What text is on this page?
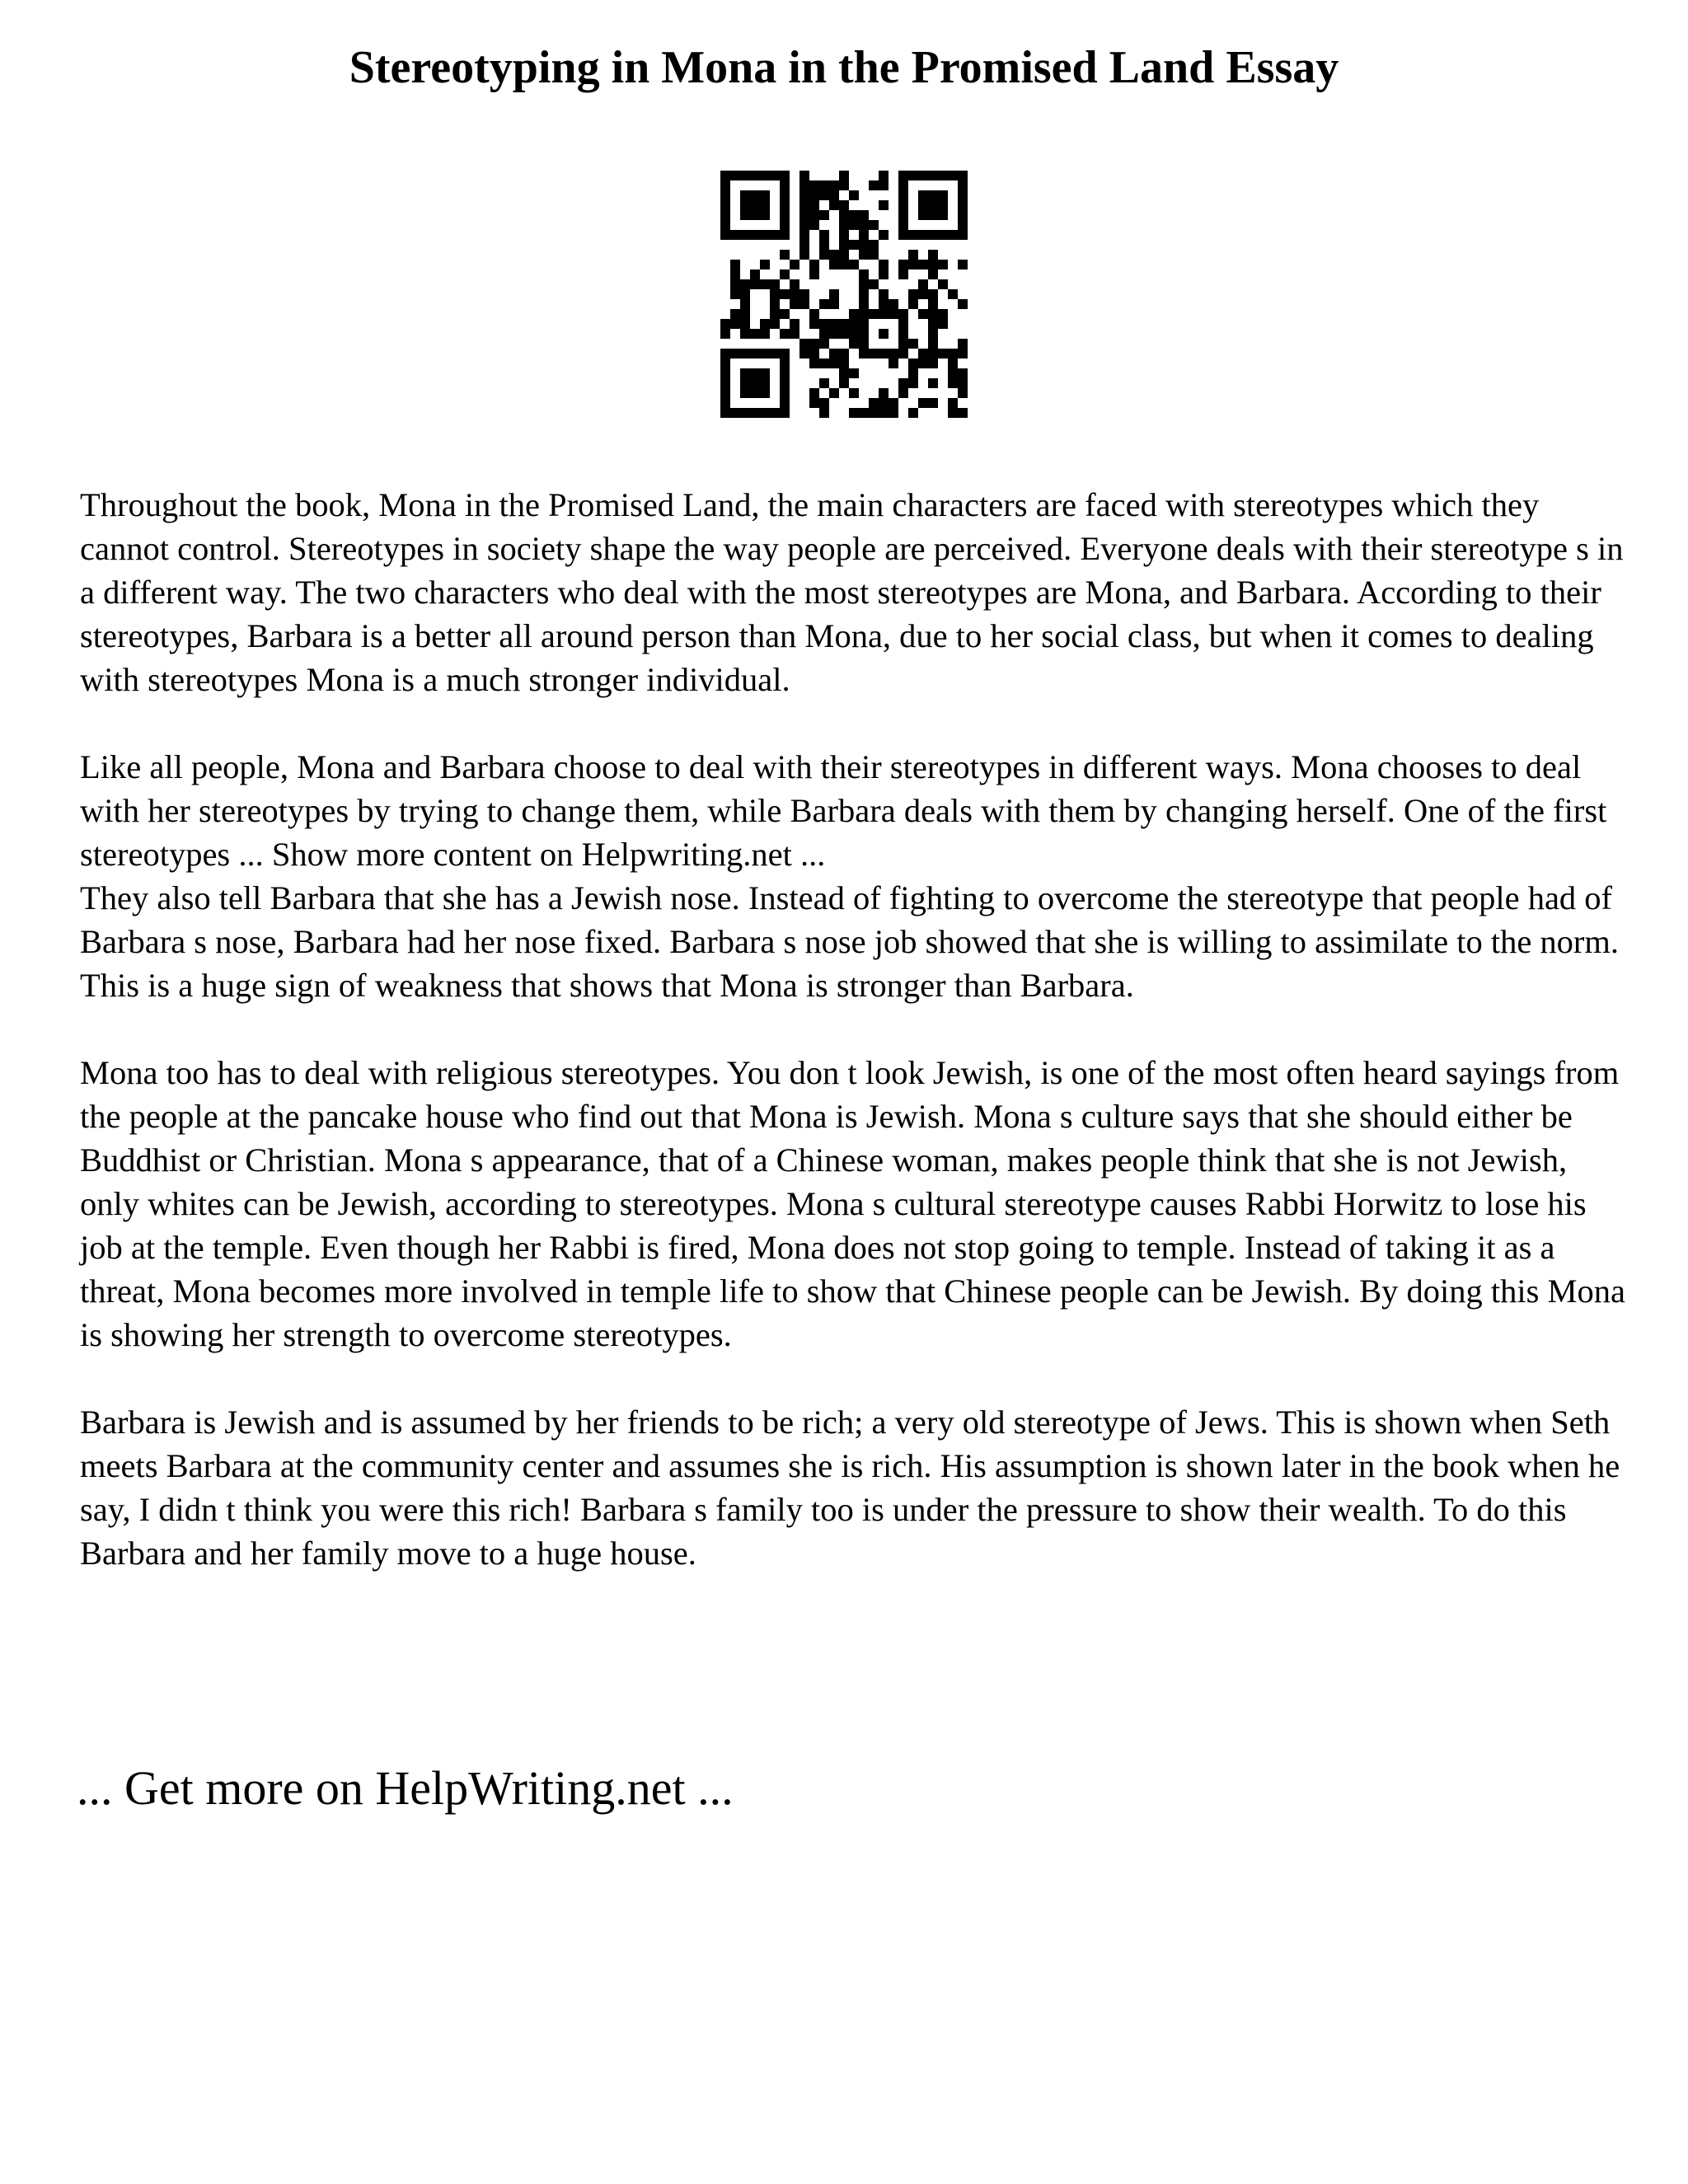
Stereotyping in Mona in the Promised Land Essay

Throughout the book, Mona in the Promised Land, the main characters are faced with stereotypes which they cannot control. Stereotypes in society shape the way people are perceived. Everyone deals with their stereotype s in a different way. The two characters who deal with the most stereotypes are Mona, and Barbara. According to their stereotypes, Barbara is a better all around person than Mona, due to her social class, but when it comes to dealing with stereotypes Mona is a much stronger individual.

Like all people, Mona and Barbara choose to deal with their stereotypes in different ways. Mona chooses to deal with her stereotypes by trying to change them, while Barbara deals with them by changing herself. One of the first stereotypes ... Show more content on Helpwriting.net ...

They also tell Barbara that she has a Jewish nose. Instead of fighting to overcome the stereotype that people had of Barbara s nose, Barbara had her nose fixed. Barbara s nose job showed that she is willing to assimilate to the norm. This is a huge sign of weakness that shows that Mona is stronger than Barbara.

Mona too has to deal with religious stereotypes. You don t look Jewish, is one of the most often heard sayings from the people at the pancake house who find out that Mona is Jewish. Mona s culture says that she should either be Buddhist or Christian. Mona s appearance, that of a Chinese woman, makes people think that she is not Jewish, only whites can be Jewish, according to stereotypes. Mona s cultural stereotype causes Rabbi Horwitz to lose his job at the temple. Even though her Rabbi is fired, Mona does not stop going to temple. Instead of taking it as a threat, Mona becomes more involved in temple life to show that Chinese people can be Jewish. By doing this Mona is showing her strength to overcome stereotypes.

Barbara is Jewish and is assumed by her friends to be rich; a very old stereotype of Jews. This is shown when Seth meets Barbara at the community center and assumes she is rich. His assumption is shown later in the book when he say, I didn t think you were this rich! Barbara s family too is under the pressure to show their wealth. To do this Barbara and her family move to a huge house.

... Get more on HelpWriting.net ...
